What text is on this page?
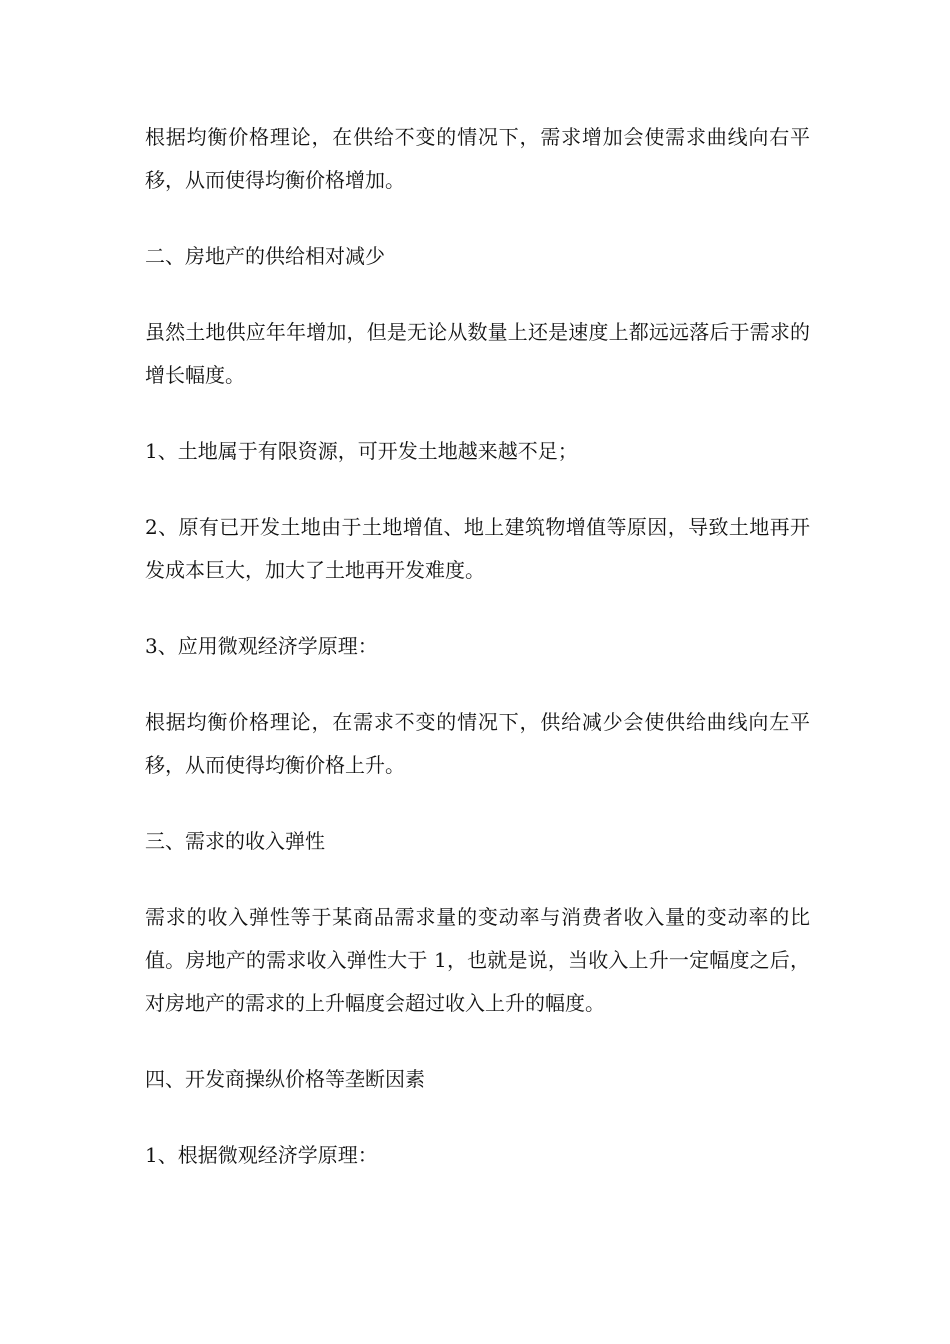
根据均衡价格理论，在供给不变的情况下，需求增加会使需求曲线向右平移，从而使得均衡价格增加。

二、房地产的供给相对减少

虽然土地供应年年增加，但是无论从数量上还是速度上都远远落后于需求的增长幅度。

1、土地属于有限资源，可开发土地越来越不足；

2、原有已开发土地由于土地增值、地上建筑物增值等原因，导致土地再开发成本巨大，加大了土地再开发难度。

3、应用微观经济学原理：

根据均衡价格理论，在需求不变的情况下，供给减少会使供给曲线向左平移，从而使得均衡价格上升。

三、需求的收入弹性

需求的收入弹性等于某商品需求量的变动率与消费者收入量的变动率的比值。房地产的需求收入弹性大于 1，也就是说，当收入上升一定幅度之后，对房地产的需求的上升幅度会超过收入上升的幅度。

四、开发商操纵价格等垄断因素

1、根据微观经济学原理：
